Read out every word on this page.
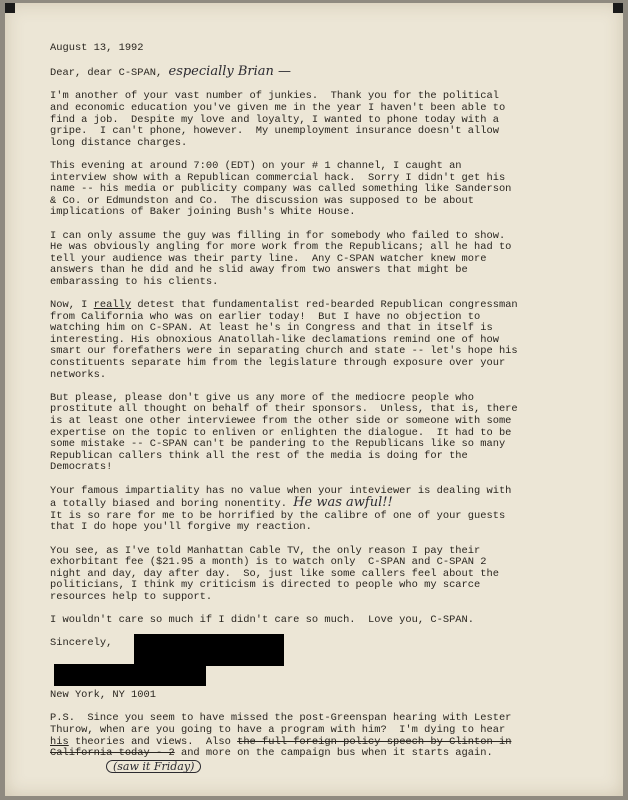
August 13, 1992

Dear, dear C-SPAN, especially Brian —

I'm another of your vast number of junkies.  Thank you for the political
and economic education you've given me in the year I haven't been able to
find a job.  Despite my love and loyalty, I wanted to phone today with a
gripe.  I can't phone, however.  My unemployment insurance doesn't allow
long distance charges.

This evening at around 7:00 (EDT) on your # 1 channel, I caught an
interview show with a Republican commercial hack.  Sorry I didn't get his
name -- his media or publicity company was called something like Sanderson
& Co. or Edmundston and Co.  The discussion was supposed to be about
implications of Baker joining Bush's White House.

I can only assume the guy was filling in for somebody who failed to show.
He was obviously angling for more work from the Republicans; all he had to
tell your audience was their party line.  Any C-SPAN watcher knew more
answers than he did and he slid away from two answers that might be
embarassing to his clients.

Now, I really detest that fundamentalist red-bearded Republican congressman
from California who was on earlier today!  But I have no objection to
watching him on C-SPAN. At least he's in Congress and that in itself is
interesting. His obnoxious Anatollah-like declamations remind one of how
smart our forefathers were in separating church and state -- let's hope his
constituents separate him from the legislature through exposure over your
networks.

But please, please don't give us any more of the mediocre people who
prostitute all thought on behalf of their sponsors.  Unless, that is, there
is at least one other interviewee from the other side or someone with some
expertise on the topic to enliven or enlighten the dialogue.  It had to be
some mistake -- C-SPAN can't be pandering to the Republicans like so many
Republican callers think all the rest of the media is doing for the
Democrats!

Your famous impartiality has no value when your inteviewer is dealing with
a totally biased and boring nonentity. He was awful!!
It is so rare for me to be horrified by the calibre of one of your guests
that I do hope you'll forgive my reaction.

You see, as I've told Manhattan Cable TV, the only reason I pay their
exhorbitant fee ($21.95 a month) is to watch only  C-SPAN and C-SPAN 2
night and day, day after day.  So, just like some callers feel about the
politicians, I think my criticism is directed to people who my scarce
resources help to support.

I wouldn't care so much if I didn't care so much.  Love you, C-SPAN.

Sincerely,

New York, NY 1001

P.S.  Since you seem to have missed the post-Greenspan hearing with Lester
Thurow, when are you going to have a program with him?  I'm dying to hear
his theories and views.  Also the full foreign policy speech by Clinton in
California today - 2 and more on the campaign bus when it starts again.

(saw it Friday)
